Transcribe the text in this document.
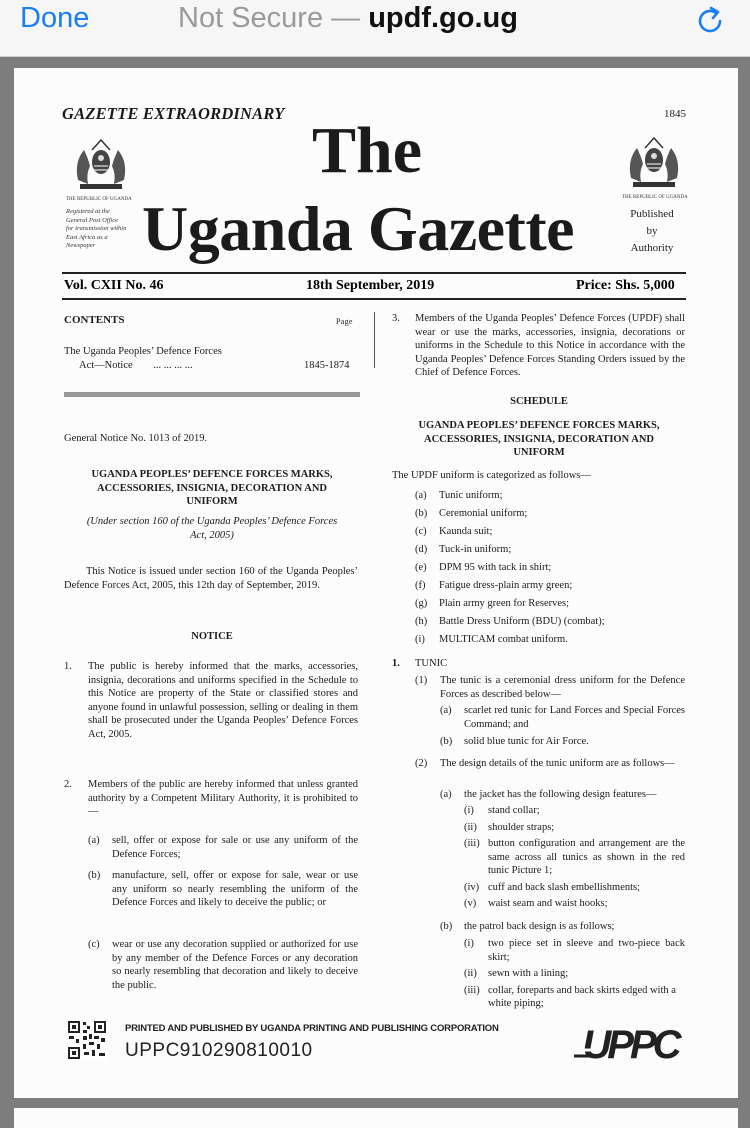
Done	Not Secure — updf.go.ug
GAZETTE EXTRAORDINARY	1845
THE REPUBLIC OF UGANDA
Registered at the
General Post Office
for transmission within
East Africa as a
Newspaper
THE REPUBLIC OF UGANDA
Published
by
Authority
The
Uganda Gazette
Vol. CXII No. 46	18th September, 2019	Price: Shs. 5,000
CONTENTS	Page
The Uganda Peoples’ Defence Forces
Act—Notice ... ... ... ...	1845-1874
General Notice No. 1013 of 2019.
UGANDA PEOPLES’ DEFENCE FORCES MARKS,
ACCESSORIES, INSIGNIA, DECORATION AND
UNIFORM
(Under section 160 of the Uganda Peoples’ Defence Forces
Act, 2005)
This Notice is issued under section 160 of the Uganda Peoples’ Defence Forces Act, 2005, this 12th day of September, 2019.
NOTICE
1. The public is hereby informed that the marks, accessories, insignia, decorations and uniforms specified in the Schedule to this Notice are property of the State or classified stores and anyone found in unlawful possession, selling or dealing in them shall be prosecuted under the Uganda Peoples’ Defence Forces Act, 2005.
2. Members of the public are hereby informed that unless granted authority by a Competent Military Authority, it is prohibited to—
(a) sell, offer or expose for sale or use any uniform of the Defence Forces;
(b) manufacture, sell, offer or expose for sale, wear or use any uniform so nearly resembling the uniform of the Defence Forces and likely to deceive the public; or
(c) wear or use any decoration supplied or authorized for use by any member of the Defence Forces or any decoration so nearly resembling that decoration and likely to deceive the public.
3. Members of the Uganda Peoples’ Defence Forces (UPDF) shall wear or use the marks, accessories, insignia, decorations or uniforms in the Schedule to this Notice in accordance with the Uganda Peoples’ Defence Forces Standing Orders issued by the Chief of Defence Forces.
SCHEDULE
UGANDA PEOPLES’ DEFENCE FORCES MARKS,
ACCESSORIES, INSIGNIA, DECORATION AND
UNIFORM
The UPDF uniform is categorized as follows—
(a) Tunic uniform;
(b) Ceremonial uniform;
(c) Kaunda suit;
(d) Tuck-in uniform;
(e) DPM 95 with tack in shirt;
(f) Fatigue dress-plain army green;
(g) Plain army green for Reserves;
(h) Battle Dress Uniform (BDU) (combat);
(i) MULTICAM combat uniform.
1. TUNIC
(1) The tunic is a ceremonial dress uniform for the Defence Forces as described below—
(a) scarlet red tunic for Land Forces and Special Forces Command; and
(b) solid blue tunic for Air Force.
(2) The design details of the tunic uniform are as follows—
(a) the jacket has the following design features—
(i)	stand collar;
(ii)	shoulder straps;
(iii) button configuration and arrangement are the same across all tunics as shown in the red tunic Picture 1;
(iv) cuff and back slash embellishments;
(v)	waist seam and waist hooks;
(b) the patrol back design is as follows;
(i)	two piece set in sleeve and two-piece back skirt;
(ii)	sewn with a lining;
(iii) collar, foreparts and back skirts edged with a white piping;
PRINTED AND PUBLISHED BY UGANDA PRINTING AND PUBLISHING CORPORATION
UPPC910290810010	UPPC
